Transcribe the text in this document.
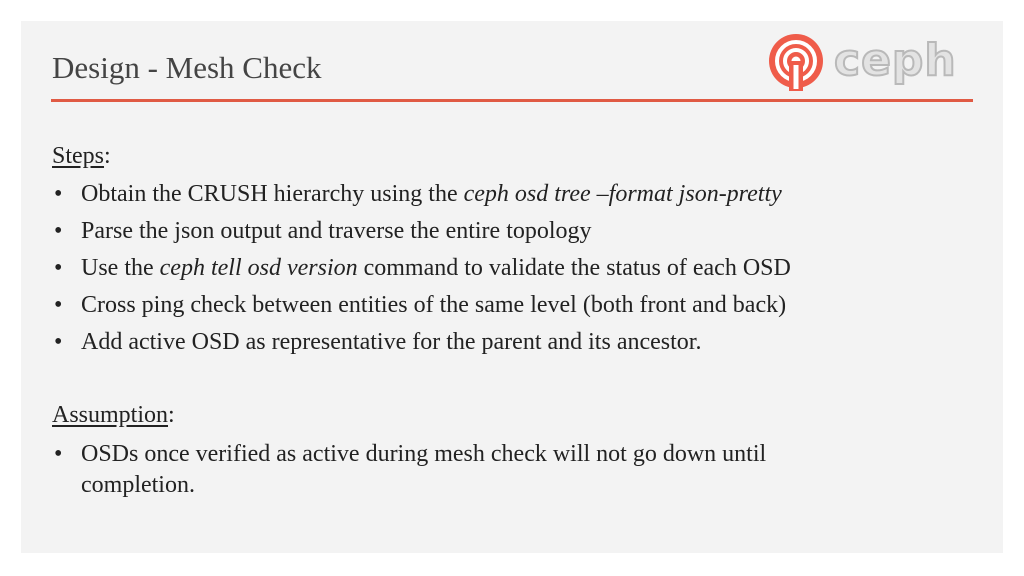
Design - Mesh Check	ceph
Steps:
• Obtain the CRUSH hierarchy using the ceph osd tree –format json-pretty
• Parse the json output and traverse the entire topology
• Use the ceph tell osd version command to validate the status of each OSD
• Cross ping check between entities of the same level (both front and back)
• Add active OSD as representative for the parent and its ancestor.
Assumption:
• OSDs once verified as active during mesh check will not go down until completion.
